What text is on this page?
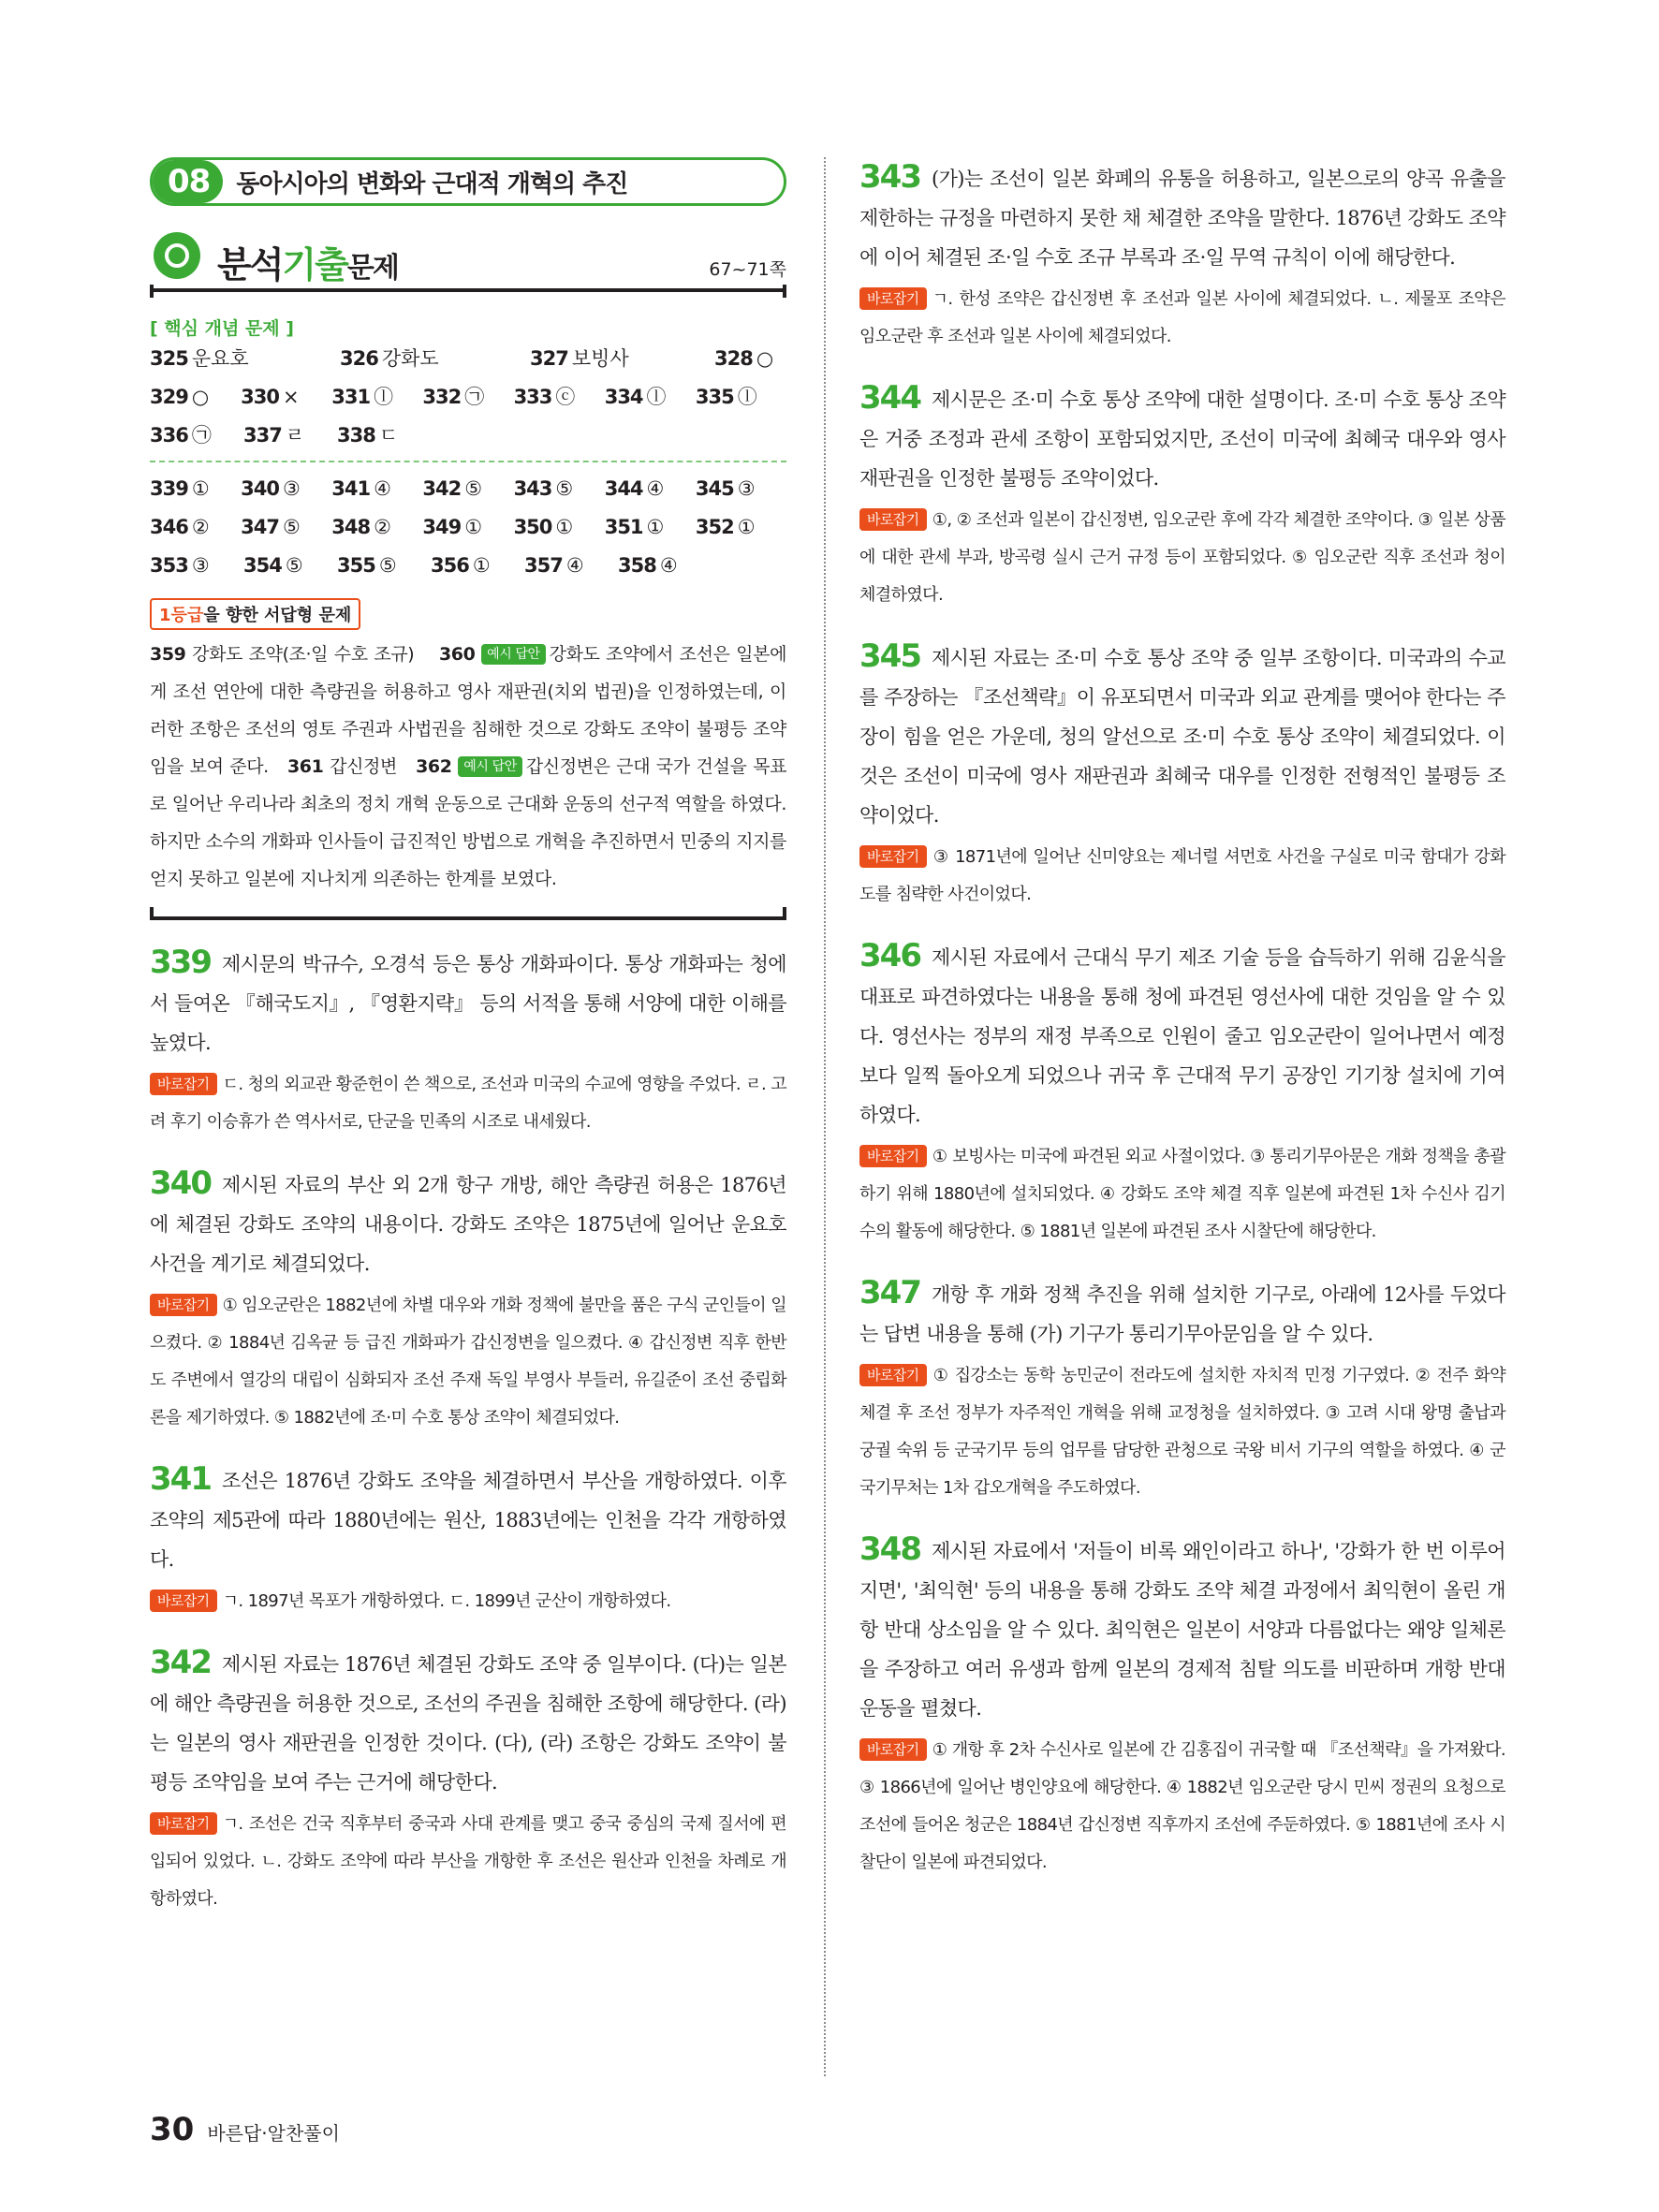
08	동아시아의 변화와 근대적 개혁의 추진
분석기출문제	67~71쪽
[ 핵심 개념 문제 ]
325 운요호	326 강화도	327 보빙사	328 ○
329 ○	330 ×	331 ⓛ	332 ㉠	333 ⓒ	334 ⓛ	335 ⓛ
336 ㉠	337 ㄹ	338 ㄷ
339 ①	340 ③	341 ④	342 ⑤	343 ⑤	344 ④	345 ③
346 ②	347 ⑤	348 ②	349 ①	350 ①	351 ①	352 ①
353 ③	354 ⑤	355 ⑤	356 ①	357 ④	358 ④
1등급을 향한 서답형 문제
359 강화도 조약(조·일 수호 조규) 360 예시 답안 강화도 조약에서 조선은 일본에게 조선 연안에 대한 측량권을 허용하고 영사 재판권(치외 법권)을 인정하였는데, 이러한 조항은 조선의 영토 주권과 사법권을 침해한 것으로 강화도 조약이 불평등 조약임을 보여 준다. 361 갑신정변 362 예시 답안 갑신정변은 근대 국가 건설을 목표로 일어난 우리나라 최초의 정치 개혁 운동으로 근대화 운동의 선구적 역할을 하였다. 하지만 소수의 개화파 인사들이 급진적인 방법으로 개혁을 추진하면서 민중의 지지를 얻지 못하고 일본에 지나치게 의존하는 한계를 보였다.
339 제시문의 박규수, 오경석 등은 통상 개화파이다. 통상 개화파는 청에서 들여온 『해국도지』, 『영환지략』 등의 서적을 통해 서양에 대한 이해를 높였다.
바로잡기 ㄷ. 청의 외교관 황준헌이 쓴 책으로, 조선과 미국의 수교에 영향을 주었다. ㄹ. 고려 후기 이승휴가 쓴 역사서로, 단군을 민족의 시조로 내세웠다.
340 제시된 자료의 부산 외 2개 항구 개방, 해안 측량권 허용은 1876년에 체결된 강화도 조약의 내용이다. 강화도 조약은 1875년에 일어난 운요호 사건을 계기로 체결되었다.
바로잡기 ① 임오군란은 1882년에 차별 대우와 개화 정책에 불만을 품은 구식 군인들이 일으켰다. ② 1884년 김옥균 등 급진 개화파가 갑신정변을 일으켰다. ④ 갑신정변 직후 한반도 주변에서 열강의 대립이 심화되자 조선 주재 독일 부영사 부들러, 유길준이 조선 중립화론을 제기하였다. ⑤ 1882년에 조·미 수호 통상 조약이 체결되었다.
341 조선은 1876년 강화도 조약을 체결하면서 부산을 개항하였다. 이후 조약의 제5관에 따라 1880년에는 원산, 1883년에는 인천을 각각 개항하였다.
바로잡기 ㄱ. 1897년 목포가 개항하였다. ㄷ. 1899년 군산이 개항하였다.
342 제시된 자료는 1876년 체결된 강화도 조약 중 일부이다. (다)는 일본에 해안 측량권을 허용한 것으로, 조선의 주권을 침해한 조항에 해당한다. (라)는 일본의 영사 재판권을 인정한 것이다. (다), (라) 조항은 강화도 조약이 불평등 조약임을 보여 주는 근거에 해당한다.
바로잡기 ㄱ. 조선은 건국 직후부터 중국과 사대 관계를 맺고 중국 중심의 국제 질서에 편입되어 있었다. ㄴ. 강화도 조약에 따라 부산을 개항한 후 조선은 원산과 인천을 차례로 개항하였다.
343 (가)는 조선이 일본 화폐의 유통을 허용하고, 일본으로의 양곡 유출을 제한하는 규정을 마련하지 못한 채 체결한 조약을 말한다. 1876년 강화도 조약에 이어 체결된 조·일 수호 조규 부록과 조·일 무역 규칙이 이에 해당한다.
바로잡기 ㄱ. 한성 조약은 갑신정변 후 조선과 일본 사이에 체결되었다. ㄴ. 제물포 조약은 임오군란 후 조선과 일본 사이에 체결되었다.
344 제시문은 조·미 수호 통상 조약에 대한 설명이다. 조·미 수호 통상 조약은 거중 조정과 관세 조항이 포함되었지만, 조선이 미국에 최혜국 대우와 영사 재판권을 인정한 불평등 조약이었다.
바로잡기 ①, ② 조선과 일본이 갑신정변, 임오군란 후에 각각 체결한 조약이다. ③ 일본 상품에 대한 관세 부과, 방곡령 실시 근거 규정 등이 포함되었다. ⑤ 임오군란 직후 조선과 청이 체결하였다.
345 제시된 자료는 조·미 수호 통상 조약 중 일부 조항이다. 미국과의 수교를 주장하는 『조선책략』이 유포되면서 미국과 외교 관계를 맺어야 한다는 주장이 힘을 얻은 가운데, 청의 알선으로 조·미 수호 통상 조약이 체결되었다. 이것은 조선이 미국에 영사 재판권과 최혜국 대우를 인정한 전형적인 불평등 조약이었다.
바로잡기 ③ 1871년에 일어난 신미양요는 제너럴 셔먼호 사건을 구실로 미국 함대가 강화도를 침략한 사건이었다.
346 제시된 자료에서 근대식 무기 제조 기술 등을 습득하기 위해 김윤식을 대표로 파견하였다는 내용을 통해 청에 파견된 영선사에 대한 것임을 알 수 있다. 영선사는 정부의 재정 부족으로 인원이 줄고 임오군란이 일어나면서 예정보다 일찍 돌아오게 되었으나 귀국 후 근대적 무기 공장인 기기창 설치에 기여하였다.
바로잡기 ① 보빙사는 미국에 파견된 외교 사절이었다. ③ 통리기무아문은 개화 정책을 총괄하기 위해 1880년에 설치되었다. ④ 강화도 조약 체결 직후 일본에 파견된 1차 수신사 김기수의 활동에 해당한다. ⑤ 1881년 일본에 파견된 조사 시찰단에 해당한다.
347 개항 후 개화 정책 추진을 위해 설치한 기구로, 아래에 12사를 두었다는 답변 내용을 통해 (가) 기구가 통리기무아문임을 알 수 있다.
바로잡기 ① 집강소는 동학 농민군이 전라도에 설치한 자치적 민정 기구였다. ② 전주 화약 체결 후 조선 정부가 자주적인 개혁을 위해 교정청을 설치하였다. ③ 고려 시대 왕명 출납과 궁궐 숙위 등 군국기무 등의 업무를 담당한 관청으로 국왕 비서 기구의 역할을 하였다. ④ 군국기무처는 1차 갑오개혁을 주도하였다.
348 제시된 자료에서 '저들이 비록 왜인이라고 하나', '강화가 한 번 이루어지면', '최익현' 등의 내용을 통해 강화도 조약 체결 과정에서 최익현이 올린 개항 반대 상소임을 알 수 있다. 최익현은 일본이 서양과 다름없다는 왜양 일체론을 주장하고 여러 유생과 함께 일본의 경제적 침탈 의도를 비판하며 개항 반대 운동을 펼쳤다.
바로잡기 ① 개항 후 2차 수신사로 일본에 간 김홍집이 귀국할 때 『조선책략』을 가져왔다. ③ 1866년에 일어난 병인양요에 해당한다. ④ 1882년 임오군란 당시 민씨 정권의 요청으로 조선에 들어온 청군은 1884년 갑신정변 직후까지 조선에 주둔하였다. ⑤ 1881년에 조사 시찰단이 일본에 파견되었다.
30 바른답·알찬풀이
